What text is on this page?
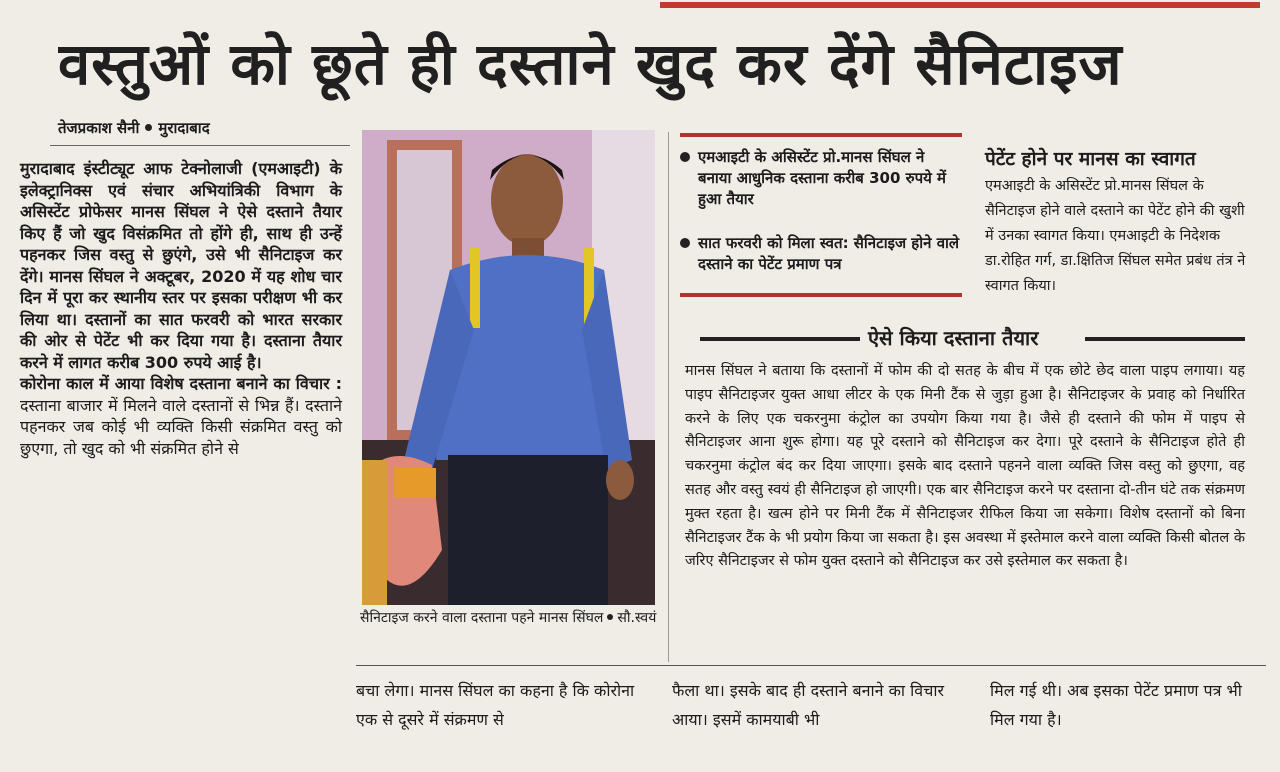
वस्तुओं को छूते ही दस्ताने खुद कर देंगे सैनिटाइज
तेजप्रकाश सैनी मुरादाबाद

मुरादाबाद इंस्टीट्यूट आफ टेक्नोलाजी (एमआइटी) के इलेक्ट्रानिक्स एवं संचार अभियांत्रिकी विभाग के असिस्टेंट प्रोफेसर मानस सिंघल ने ऐसे दस्ताने तैयार किए हैं जो खुद विसंक्रमित तो होंगे ही, साथ ही उन्हें पहनकर जिस वस्तु से छुएंगे, उसे भी सैनिटाइज कर देंगे। मानस सिंघल ने अक्टूबर, 2020 में यह शोध चार दिन में पूरा कर स्थानीय स्तर पर इसका परीक्षण भी कर लिया था। दस्तानों का सात फरवरी को भारत सरकार की ओर से पेटेंट भी कर दिया गया है। दस्ताना तैयार करने में लागत करीब 300 रुपये आई है।

कोरोना काल में आया विशेष दस्ताना बनाने का विचार : दस्ताना बाजार में मिलने वाले दस्तानों से भिन्न हैं। दस्ताने पहनकर जब कोई भी व्यक्ति किसी संक्रमित वस्तु को छुएगा, तो खुद को भी संक्रमित होने से

सैनिटाइज करने वाला दस्ताना पहने मानस सिंघल सौ.स्वयं
एमआइटी के असिस्टेंट प्रो.मानस सिंघल ने बनाया आधुनिक दस्ताना करीब 300 रुपये में हुआ तैयार
सात फरवरी को मिला स्वत: सैनिटाइज होने वाले दस्ताने का पेटेंट प्रमाण पत्र
पेटेंट होने पर मानस का स्वागत
एमआइटी के असिस्टेंट प्रो.मानस सिंघल के सैनिटाइज होने वाले दस्ताने का पेटेंट होने की खुशी में उनका स्वागत किया। एमआइटी के निदेशक डा.रोहित गर्ग, डा.क्षितिज सिंघल समेत प्रबंध तंत्र ने स्वागत किया।
ऐसे किया दस्ताना तैयार
मानस सिंघल ने बताया कि दस्तानों में फोम की दो सतह के बीच में एक छोटे छेद वाला पाइप लगाया। यह पाइप सैनिटाइजर युक्त आधा लीटर के एक मिनी टैंक से जुड़ा हुआ है। सैनिटाइजर के प्रवाह को निर्धारित करने के लिए एक चकरनुमा कंट्रोल का उपयोग किया गया है। जैसे ही दस्ताने की फोम में पाइप से सैनिटाइजर आना शुरू होगा। यह पूरे दस्ताने को सैनिटाइज कर देगा। पूरे दस्ताने के सैनिटाइज होते ही चकरनुमा कंट्रोल बंद कर दिया जाएगा। इसके बाद दस्ताने पहनने वाला व्यक्ति जिस वस्तु को छुएगा, वह सतह और वस्तु स्वयं ही सैनिटाइज हो जाएगी। एक बार सैनिटाइज करने पर दस्ताना दो-तीन घंटे तक संक्रमण मुक्त रहता है। खत्म होने पर मिनी टैंक में सैनिटाइजर रीफिल किया जा सकेगा। विशेष दस्तानों को बिना सैनिटाइजर टैंक के भी प्रयोग किया जा सकता है। इस अवस्था में इस्तेमाल करने वाला व्यक्ति किसी बोतल के जरिए सैनिटाइजर से फोम युक्त दस्ताने को सैनिटाइज कर उसे इस्तेमाल कर सकता है।
बचा लेगा। मानस सिंघल का कहना है कि कोरोना एक से दूसरे में संक्रमण से
फैला था। इसके बाद ही दस्ताने बनाने का विचार आया। इसमें कामयाबी भी
मिल गई थी। अब इसका पेटेंट प्रमाण पत्र भी मिल गया है।
